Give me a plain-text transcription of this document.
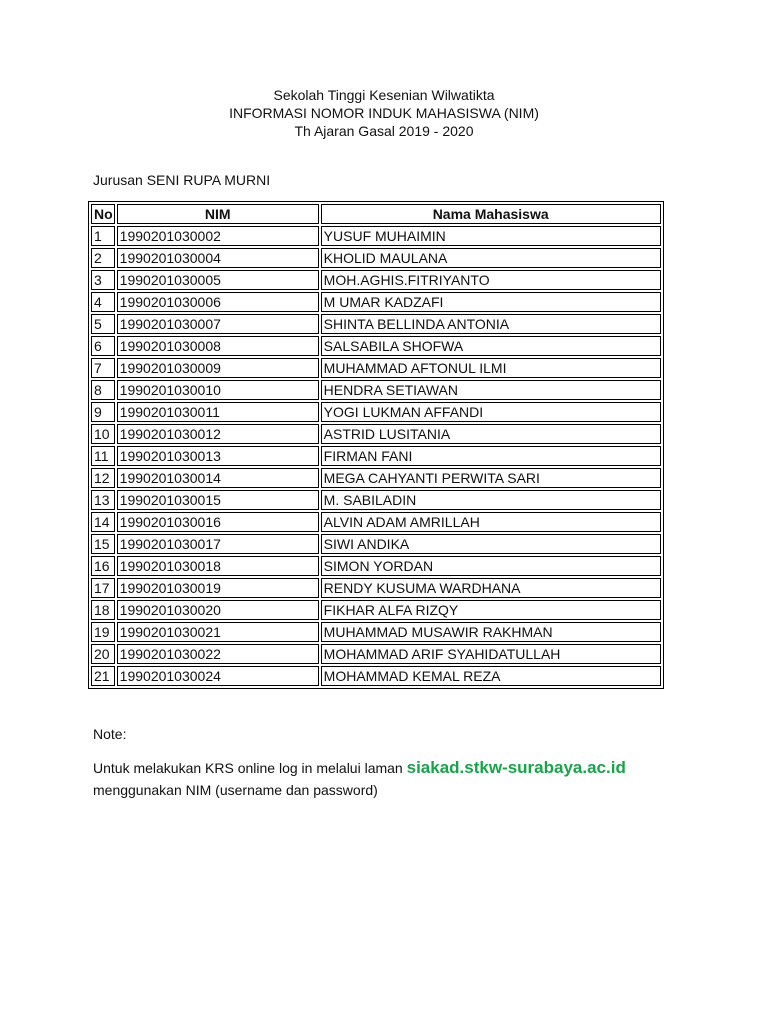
Sekolah Tinggi Kesenian Wilwatikta
INFORMASI NOMOR INDUK MAHASISWA (NIM)
Th Ajaran Gasal 2019 - 2020
Jurusan SENI RUPA MURNI
No	NIM	Nama Mahasiswa
1	1990201030002	YUSUF MUHAIMIN
2	1990201030004	KHOLID MAULANA
3	1990201030005	MOH.AGHIS.FITRIYANTO
4	1990201030006	M UMAR KADZAFI
5	1990201030007	SHINTA BELLINDA ANTONIA
6	1990201030008	SALSABILA SHOFWA
7	1990201030009	MUHAMMAD AFTONUL ILMI
8	1990201030010	HENDRA SETIAWAN
9	1990201030011	YOGI LUKMAN AFFANDI
10	1990201030012	ASTRID LUSITANIA
11	1990201030013	FIRMAN FANI
12	1990201030014	MEGA CAHYANTI PERWITA SARI
13	1990201030015	M. SABILADIN
14	1990201030016	ALVIN ADAM AMRILLAH
15	1990201030017	SIWI ANDIKA
16	1990201030018	SIMON YORDAN
17	1990201030019	RENDY KUSUMA WARDHANA
18	1990201030020	FIKHAR ALFA RIZQY
19	1990201030021	MUHAMMAD MUSAWIR RAKHMAN
20	1990201030022	MOHAMMAD ARIF SYAHIDATULLAH
21	1990201030024	MOHAMMAD KEMAL REZA
Note:
Untuk melakukan KRS online log in melalui laman siakad.stkw-surabaya.ac.id
menggunakan NIM (username dan password)
